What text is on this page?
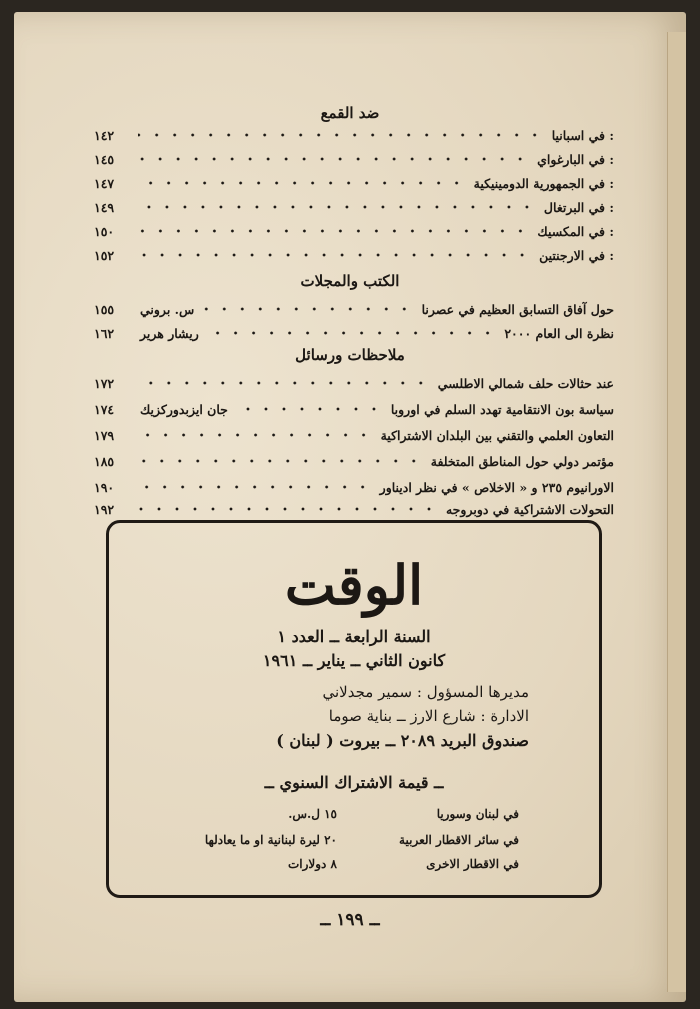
ضد القمع
في اسبانيا :
١٤٢
في البارغواي :
١٤٥
في الجمهورية الدومينيكية :
١٤٧
في البرتغال :
١٤٩
في المكسيك :
١٥٠
في الارجنتين :
١٥٢
الكتب والمجلات
حول آفاق التسابق العظيم في عصرنا
س. بروني
١٥٥
نظرة الى العام ٢٠٠٠
ريشار هرير
١٦٢
ملاحظات ورسائل
عند حثالات حلف شمالي الاطلسي
١٧٢
سياسة بون الانتقامية تهدد السلم في اوروبا
جان ايزبدوركزيك
١٧٤
التعاون العلمي والتقني بين البلدان الاشتراكية
١٧٩
مؤتمر دولي حول المناطق المتخلفة
١٨٥
الاورانيوم ٢٣٥ و « الاخلاص » في نظر ادیناور
١٩٠
التحولات الاشتراكية في دوبروجه
١٩٢
الوقت
السنة الرابعة ــ العدد ١
كانون الثاني ــ يناير ــ ١٩٦١
مديرها المسؤول : سمير مجدلاني
الادارة : شارع الارز ــ بناية صوما
صندوق البريد ٢٠٨٩ ــ بيروت ( لبنان )
ــ قيمة الاشتراك السنوي ــ
في لبنان وسوريا
١٥ ل.س.
في سائر الاقطار العربية
٢٠ ليرة لبنانية او ما يعادلها
في الاقطار الاخرى
٨ دولارات
ــ ١٩٩ ــ
